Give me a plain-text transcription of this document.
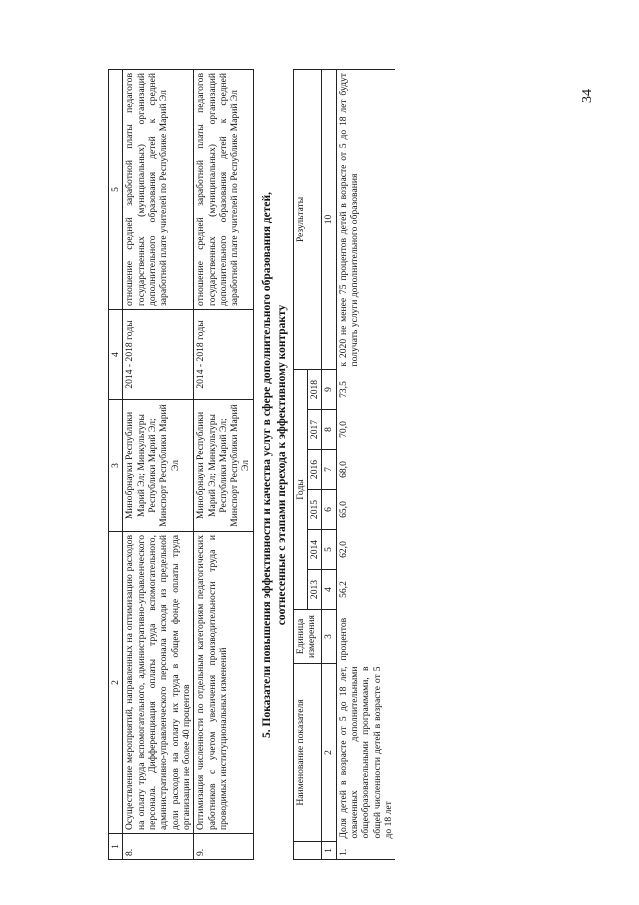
34
1	2	3	4	5
8.	Осуществление мероприятий, направленных на оптимизацию расходов на оплату труда вспомогательного, административно-управленческого персонала. Дифференциация оплаты труда вспомогательного, административно-управленческого персонала исходя из предельной доли расходов на оплату их труда в общем фонде оплаты труда организации не более 40 процентов	Минобрнауки Республики Марий Эл; Минкультуры Республики Марий Эл; Минспорт Республики Марий Эл	2014 - 2018 годы	отношение средней заработной платы педагогов государственных (муниципальных) организаций дополнительного образования детей к средней заработной плате учителей по Республике Марий Эл
9.	Оптимизация численности по отдельным категориям педагогических работников с учетом увеличения производительности труда и проводимых институциональных изменений	Минобрнауки Республики Марий Эл; Минкультуры Республики Марий Эл; Минспорт Республики Марий Эл	2014 - 2018 годы	отношение средней заработной платы педагогов государственных (муниципальных) организаций дополнительного образования детей к средней заработной плате учителей по Республике Марий Эл 5. Показатели повышения эффективности и качества услуг в сфере дополнительного образования детей, соотнесенные с этапами перехода к эффективному контракту
	Наименование показателя	Единица измерения	Годы						Результаты
			2013	2014	2015	2016	2017	2018	
1	2	3	4	5	6	7	8	9	10
1.	Доля детей в возрасте от 5 до 18 лет, охваченных дополнительными общеобразовательными программами, в общей численности детей в возрасте от 5 до 18 лет	процентов	56,2	62,0	65,0	68,0	70,0	73,5	к 2020 не менее 75 процентов детей в возрасте от 5 до 18 лет будут получать услуги дополнительного образования
